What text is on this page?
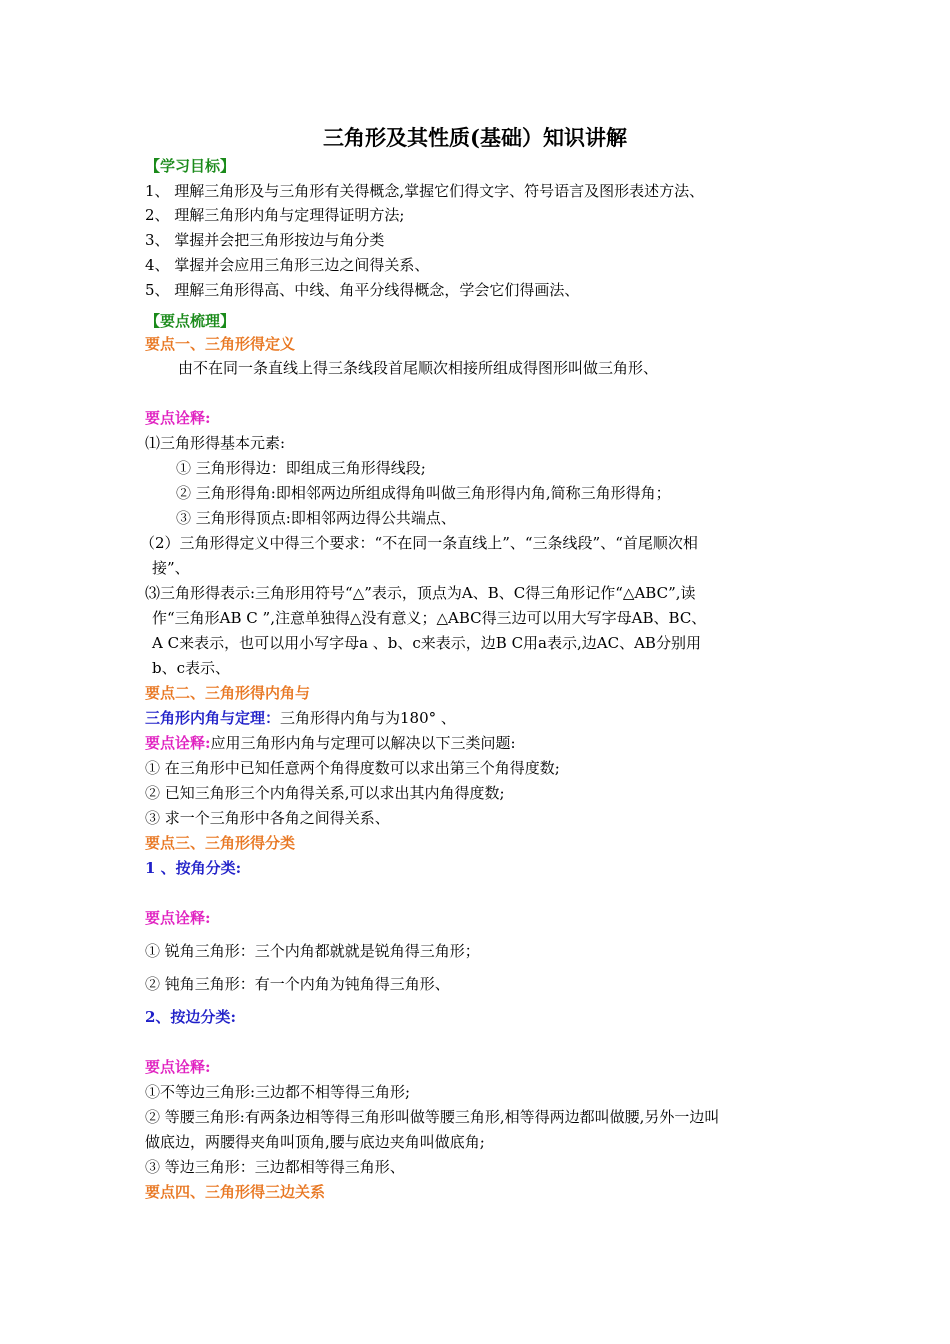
三角形及其性质(基础）知识讲解
【学习目标】
1、 理解三角形及与三角形有关得概念,掌握它们得文字、符号语言及图形表述方法、
2、 理解三角形内角与定理得证明方法;
3、 掌握并会把三角形按边与角分类
4、 掌握并会应用三角形三边之间得关系、
5、 理解三角形得高、中线、角平分线得概念，学会它们得画法、
【要点梳理】
要点一、三角形得定义
由不在同一条直线上得三条线段首尾顺次相接所组成得图形叫做三角形、
要点诠释:
⑴三角形得基本元素:
① 三角形得边：即组成三角形得线段;
② 三角形得角:即相邻两边所组成得角叫做三角形得内角,简称三角形得角；
③ 三角形得顶点:即相邻两边得公共端点、
（2）三角形得定义中得三个要求：“不在同一条直线上”、“三条线段”、“首尾顺次相
接”、
⑶三角形得表示:三角形用符号“△”表示，顶点为A、B、C得三角形记作“△ABC”,读
作“三角形AB C ”,注意单独得△没有意义；△ABC得三边可以用大写字母AB、BC、
A C来表示，也可以用小写字母a 、b、c来表示，边B C用a表示,边AC、AB分别用
b、c表示、
要点二、三角形得内角与
三角形内角与定理：三角形得内角与为180° 、
要点诠释:应用三角形内角与定理可以解决以下三类问题:
① 在三角形中已知任意两个角得度数可以求出第三个角得度数;
② 已知三角形三个内角得关系,可以求出其内角得度数;
③ 求一个三角形中各角之间得关系、
要点三、三角形得分类
1 、按角分类:
要点诠释:
① 锐角三角形：三个内角都就就是锐角得三角形；
② 钝角三角形：有一个内角为钝角得三角形、
2、按边分类:
要点诠释:
①不等边三角形:三边都不相等得三角形;
② 等腰三角形:有两条边相等得三角形叫做等腰三角形,相等得两边都叫做腰,另外一边叫
做底边，两腰得夹角叫顶角,腰与底边夹角叫做底角;
③ 等边三角形：三边都相等得三角形、
要点四、三角形得三边关系
